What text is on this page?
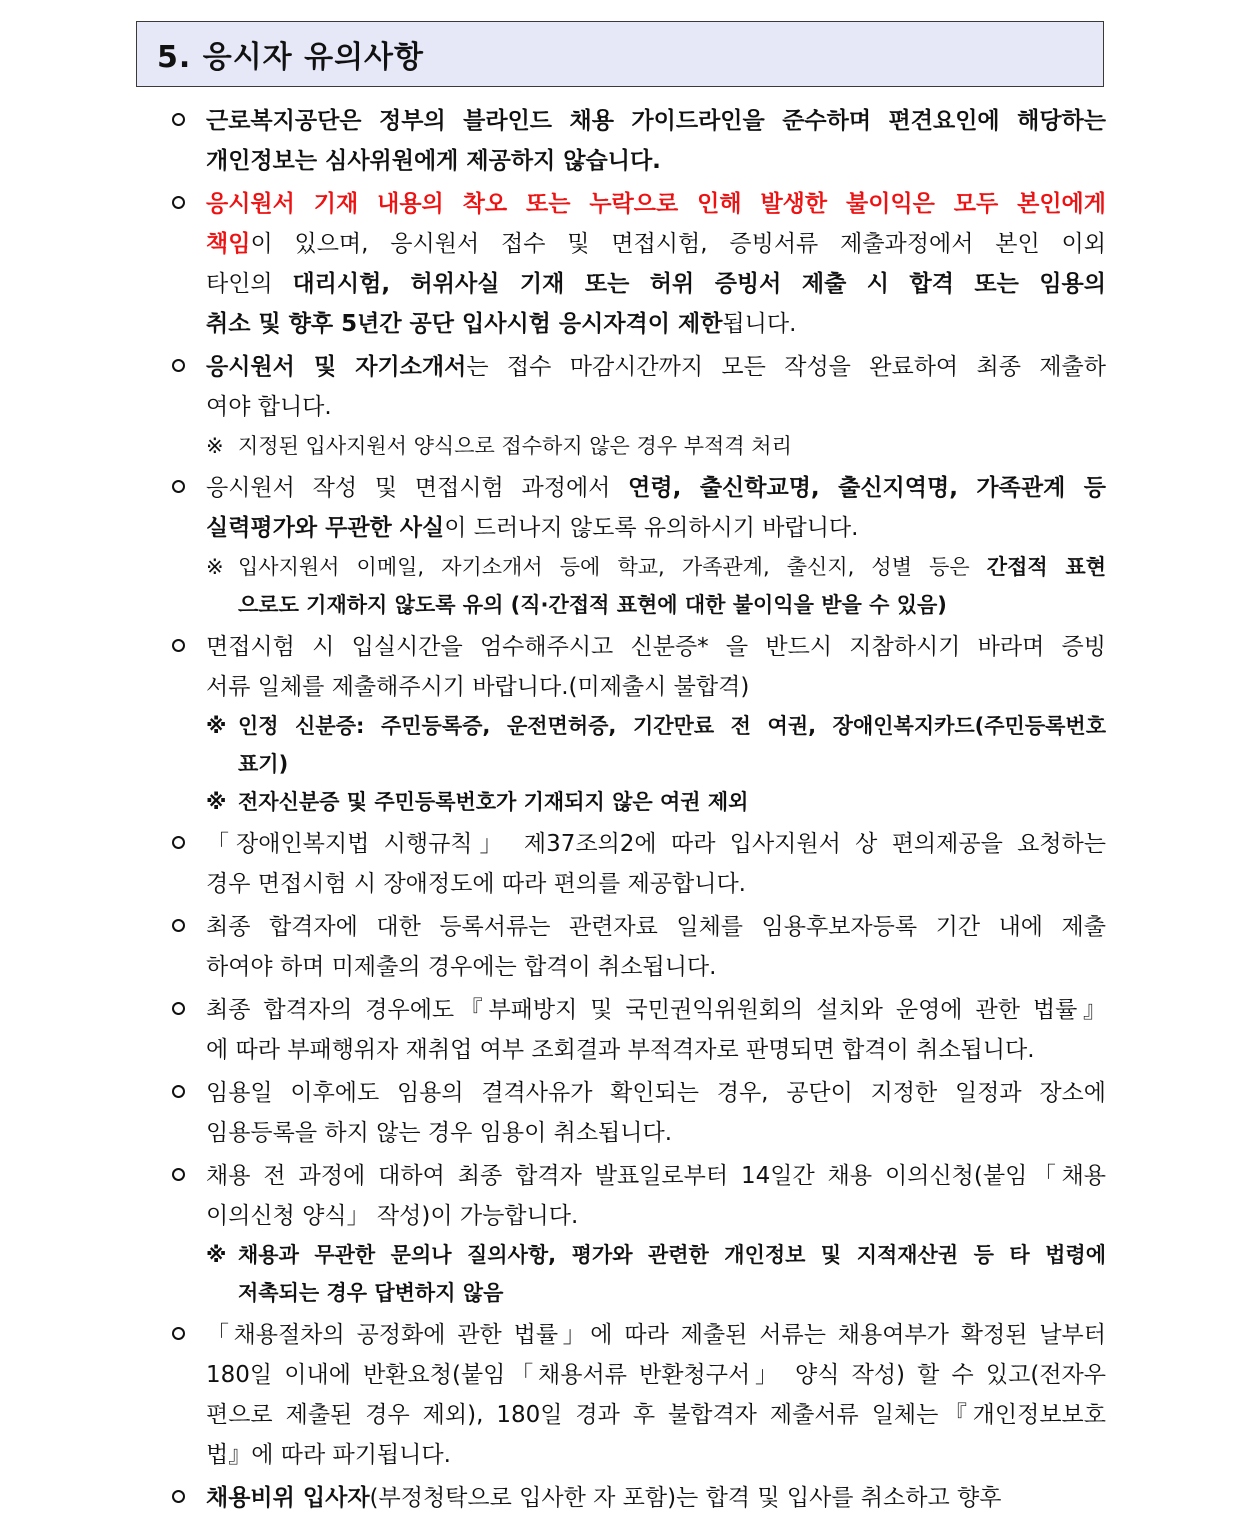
5. 응시자 유의사항
근로복지공단은 정부의 블라인드 채용 가이드라인을 준수하며 편견요인에 해당하는
개인정보는 심사위원에게 제공하지 않습니다.
응시원서 기재 내용의 착오 또는 누락으로 인해 발생한 불이익은 모두 본인에게
책임이 있으며, 응시원서 접수 및 면접시험, 증빙서류 제출과정에서 본인 이외
타인의 대리시험, 허위사실 기재 또는 허위 증빙서 제출 시 합격 또는 임용의
취소 및 향후 5년간 공단 입사시험 응시자격이 제한됩니다.
응시원서 및 자기소개서는 접수 마감시간까지 모든 작성을 완료하여 최종 제출하
여야 합니다.
※ 지정된 입사지원서 양식으로 접수하지 않은 경우 부적격 처리
응시원서 작성 및 면접시험 과정에서 연령, 출신학교명, 출신지역명, 가족관계 등
실력평가와 무관한 사실이 드러나지 않도록 유의하시기 바랍니다.
※ 입사지원서 이메일, 자기소개서 등에 학교, 가족관계, 출신지, 성별 등은 간접적 표현
으로도 기재하지 않도록 유의 (직·간접적 표현에 대한 불이익을 받을 수 있음)
면접시험 시 입실시간을 엄수해주시고 신분증* 을 반드시 지참하시기 바라며 증빙
서류 일체를 제출해주시기 바랍니다.(미제출시 불합격)
※ 인정 신분증: 주민등록증, 운전면허증, 기간만료 전 여권, 장애인복지카드(주민등록번호
표기)
※ 전자신분증 및 주민등록번호가 기재되지 않은 여권 제외
「장애인복지법 시행규칙」 제37조의2에 따라 입사지원서 상 편의제공을 요청하는
경우 면접시험 시 장애정도에 따라 편의를 제공합니다.
최종 합격자에 대한 등록서류는 관련자료 일체를 임용후보자등록 기간 내에 제출
하여야 하며 미제출의 경우에는 합격이 취소됩니다.
최종 합격자의 경우에도『부패방지 및 국민권익위원회의 설치와 운영에 관한 법률』
에 따라 부패행위자 재취업 여부 조회결과 부적격자로 판명되면 합격이 취소됩니다.
임용일 이후에도 임용의 결격사유가 확인되는 경우, 공단이 지정한 일정과 장소에
임용등록을 하지 않는 경우 임용이 취소됩니다.
채용 전 과정에 대하여 최종 합격자 발표일로부터 14일간 채용 이의신청(붙임「채용
이의신청 양식」 작성)이 가능합니다.
※ 채용과 무관한 문의나 질의사항, 평가와 관련한 개인정보 및 지적재산권 등 타 법령에
저촉되는 경우 답변하지 않음
「채용절차의 공정화에 관한 법률」에 따라 제출된 서류는 채용여부가 확정된 날부터
180일 이내에 반환요청(붙임「채용서류 반환청구서」 양식 작성) 할 수 있고(전자우
편으로 제출된 경우 제외), 180일 경과 후 불합격자 제출서류 일체는『개인정보보호
법』에 따라 파기됩니다.
채용비위 입사자(부정청탁으로 입사한 자 포함)는 합격 및 입사를 취소하고 향후
